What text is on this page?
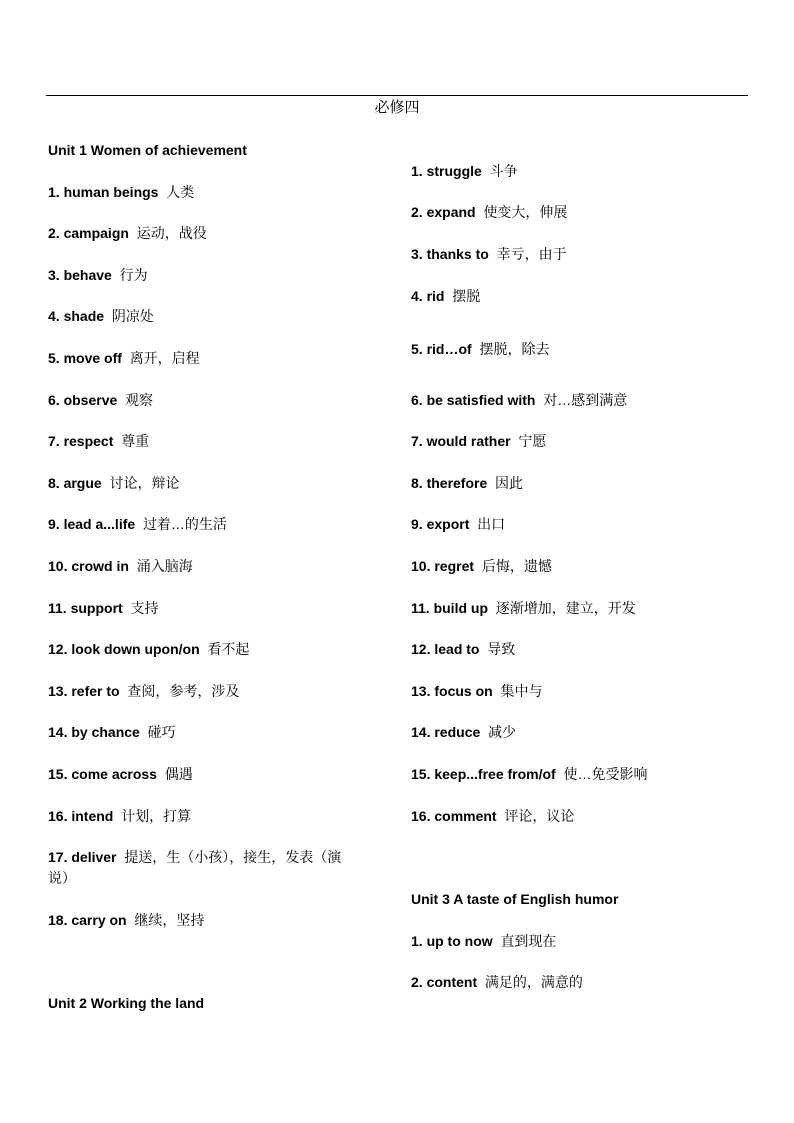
必修四
Unit 1 Women of achievement
1. human beings 人类
2. campaign 运动，战役
3. behave 行为
4. shade 阴凉处
5. move off 离开，启程
6. observe 观察
7. respect 尊重
8. argue 讨论，辩论
9. lead a...life 过着…的生活
10. crowd in 涌入脑海
11. support 支持
12. look down upon/on 看不起
13. refer to 查阅，参考，涉及
14. by chance 碰巧
15. come across 偶遇
16. intend 计划，打算
17. deliver 提送，生（小孩），接生，发表（演
说）
18. carry on 继续，坚持
Unit 2 Working the land
1. struggle 斗争
2. expand 使变大，伸展
3. thanks to 幸亏，由于
4. rid 摆脱
5. rid…of 摆脱，除去
6. be satisfied with 对…感到满意
7. would rather 宁愿
8. therefore 因此
9. export 出口
10. regret 后悔，遗憾
11. build up 逐渐增加，建立，开发
12. lead to 导致
13. focus on 集中与
14. reduce 减少
15. keep...free from/of 使…免受影响
16. comment 评论，议论
Unit 3 A taste of English humor
1. up to now 直到现在
2. content 满足的，满意的
